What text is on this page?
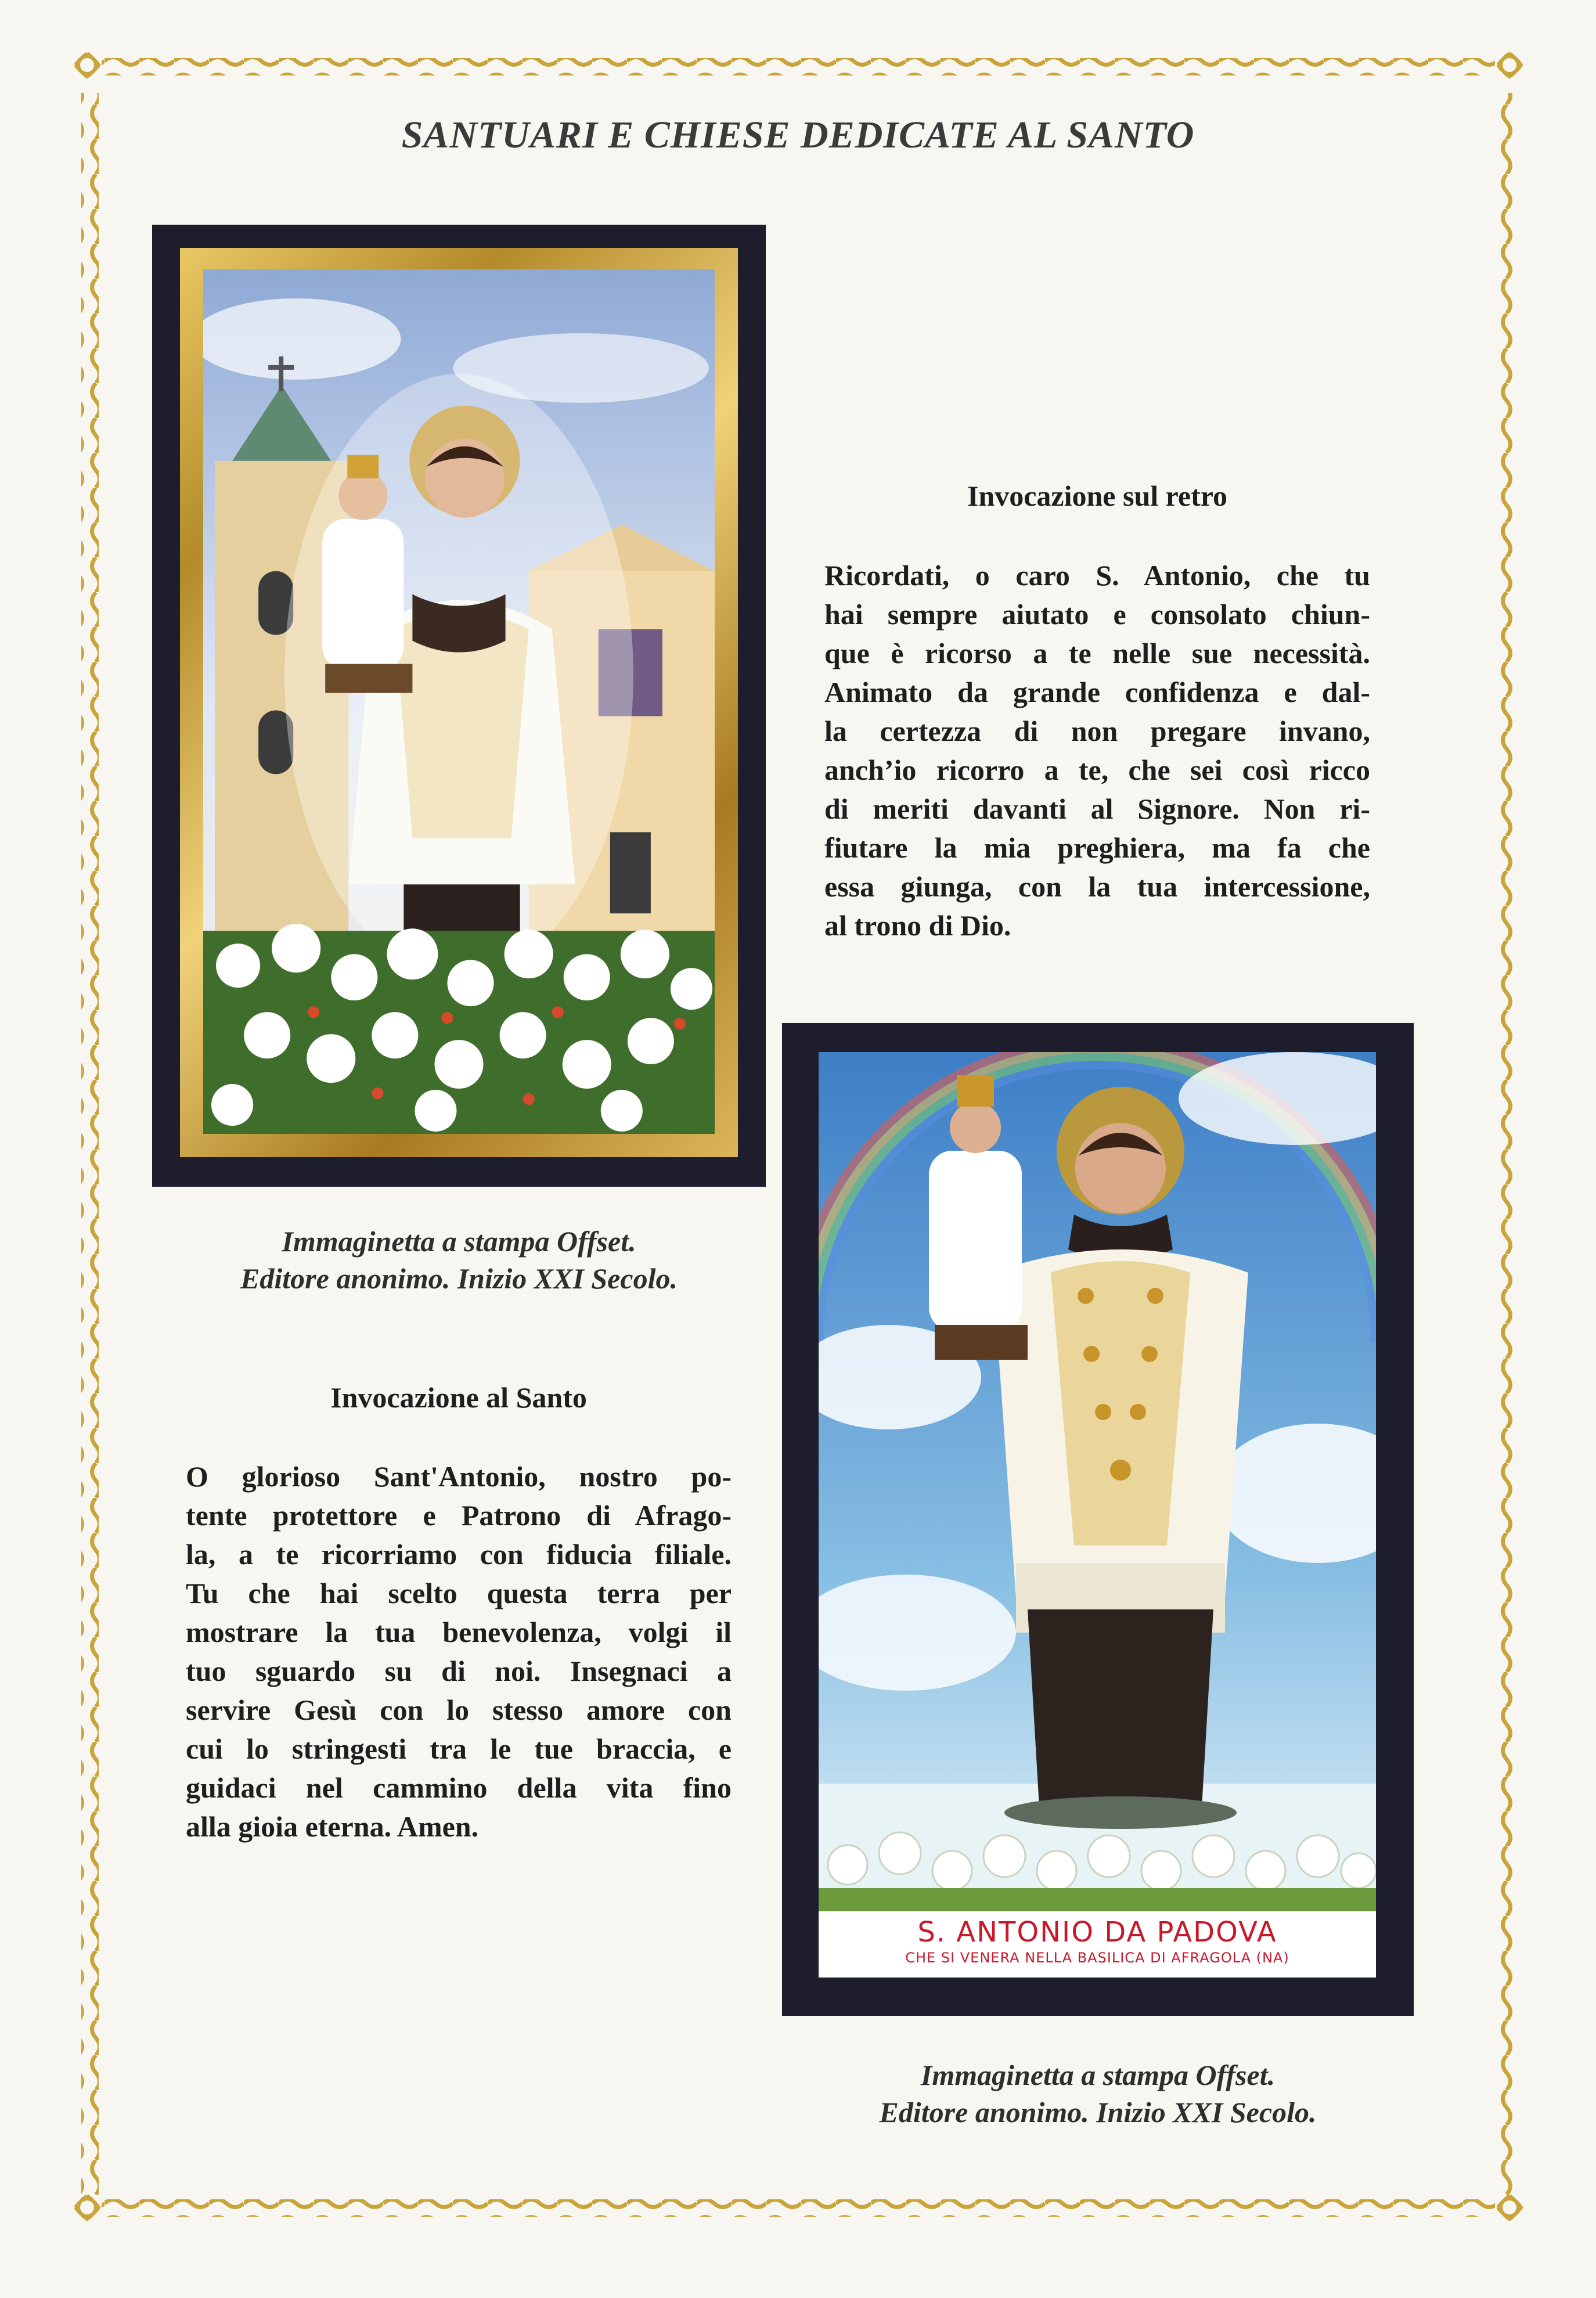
SANTUARI E CHIESE DEDICATE AL SANTO
Immaginetta a stampa Offset.
Editore anonimo. Inizio XXI Secolo.
Invocazione sul retro
Ricordati, o caro S. Antonio, che tu
hai sempre aiutato e consolato chiun-
que è ricorso a te nelle sue necessità.
Animato da grande confidenza e dal-
la certezza di non pregare invano,
anch’io ricorro a te, che sei così ricco
di meriti davanti al Signore. Non ri-
fiutare la mia preghiera, ma fa che
essa giunga, con la tua intercessione,
al trono di Dio.
Invocazione al Santo
O glorioso Sant'Antonio, nostro po-
tente protettore e Patrono di Afrago-
la, a te ricorriamo con fiducia filiale.
Tu che hai scelto questa terra per
mostrare la tua benevolenza, volgi il
tuo sguardo su di noi. Insegnaci a
servire Gesù con lo stesso amore con
cui lo stringesti tra le tue braccia, e
guidaci nel cammino della vita fino
alla gioia eterna. Amen.
S. ANTONIO DA PADOVA
CHE SI VENERA NELLA BASILICA DI AFRAGOLA (NA)
Immaginetta a stampa Offset.
Editore anonimo. Inizio XXI Secolo.
